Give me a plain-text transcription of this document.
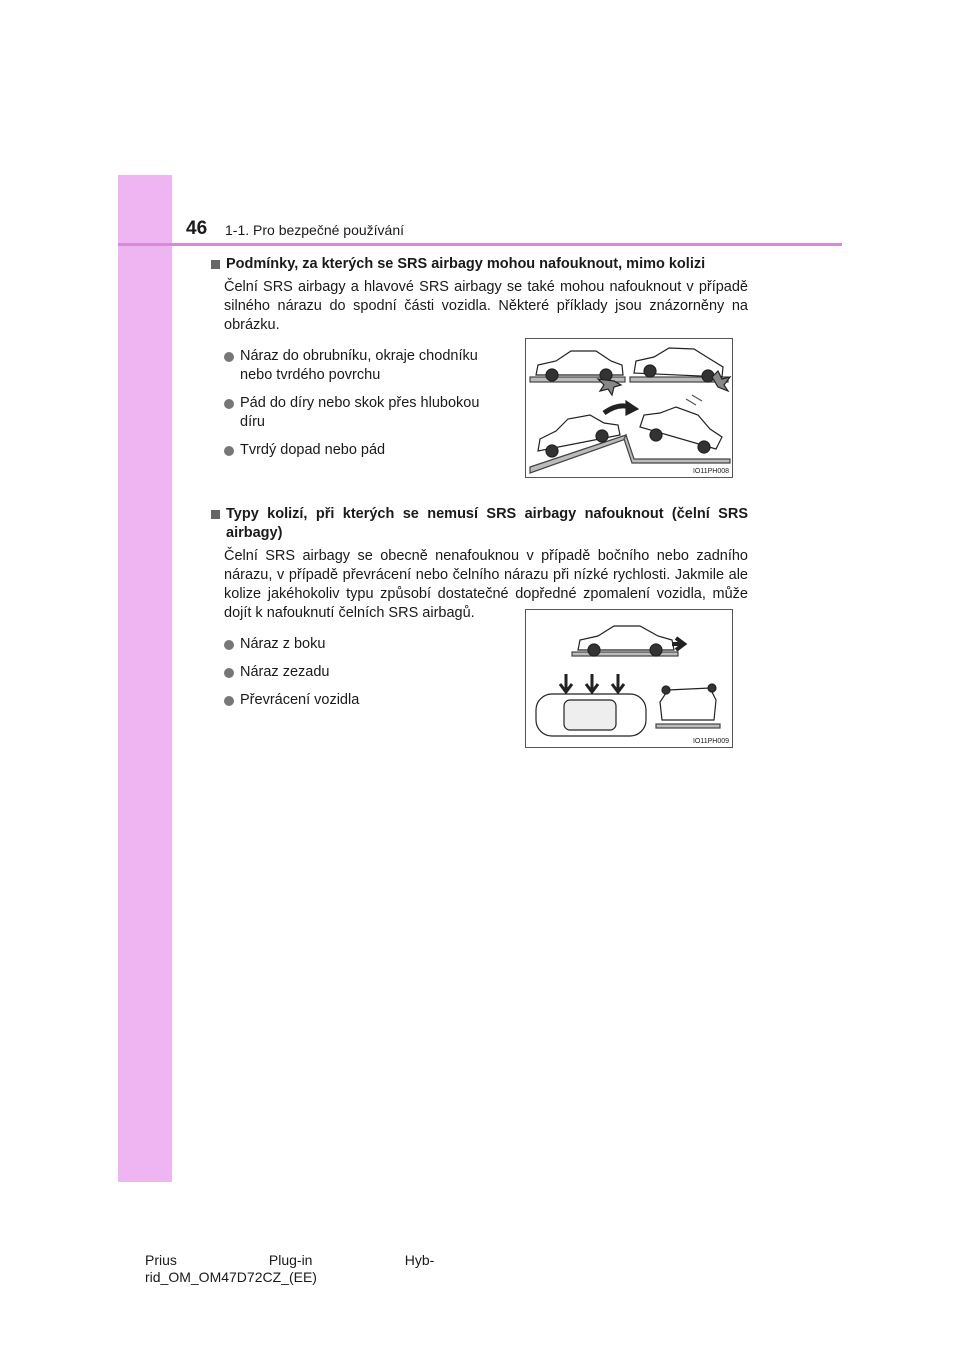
46 1-1. Pro bezpečné používání
Podmínky, za kterých se SRS airbagy mohou nafouknout, mimo kolizi
Čelní SRS airbagy a hlavové SRS airbagy se také mohou nafouknout v případě silného nárazu do spodní části vozidla. Některé příklady jsou znázorněny na obrázku.
Náraz do obrubníku, okraje chodníku nebo tvrdého povrchu
Pád do díry nebo skok přes hlubokou díru
Tvrdý dopad nebo pád
Typy kolizí, při kterých se nemusí SRS airbagy nafouknout (čelní SRS airbagy)
Čelní SRS airbagy se obecně nenafouknou v případě bočního nebo zadního nárazu, v případě převrácení nebo čelního nárazu při nízké rychlosti. Jakmile ale kolize jakéhokoliv typu způsobí dostatečné dopředné zpomalení vozidla, může dojít k nafouknutí čelních SRS airbagů.
Náraz z boku
Náraz zezadu
Převrácení vozidla
IO11PH008
IO11PH009
Prius	Plug-in	Hyb-
rid_OM_OM47D72CZ_(EE)
